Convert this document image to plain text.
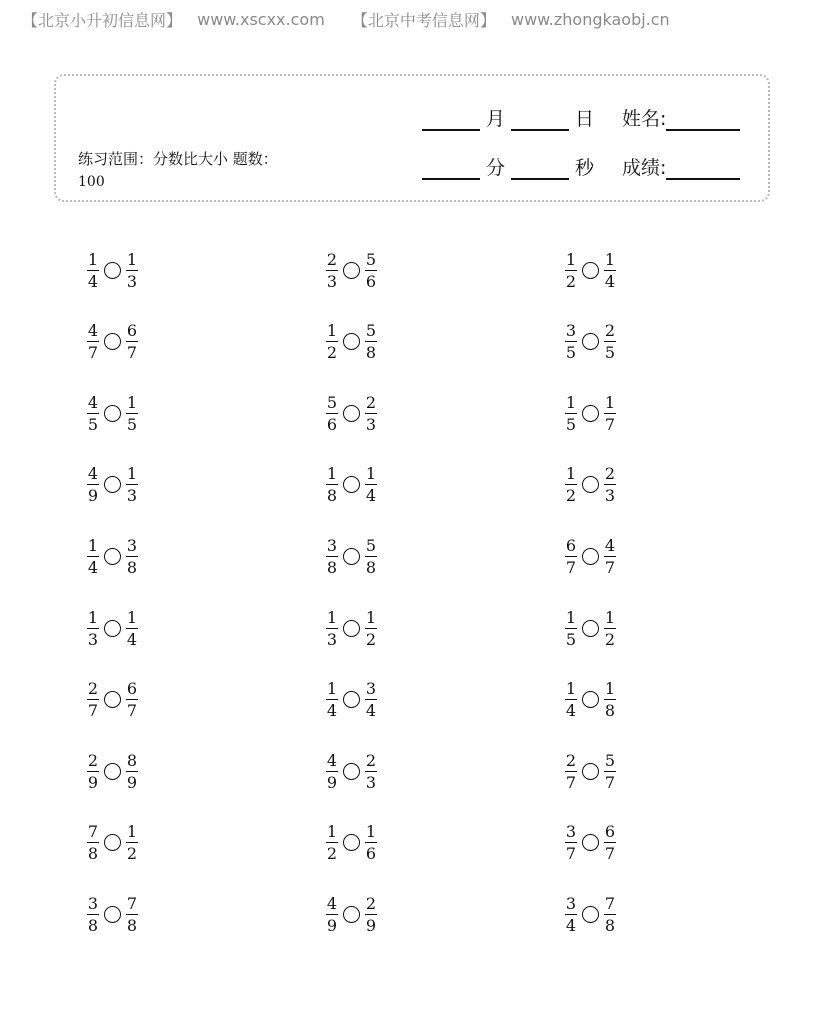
【北京小升初信息网】 www.xscxx.com 【北京中考信息网】 www.zhongkaobj.cn
练习范围：分数比大小 题数：
100
月	日 姓名:
分	秒 成绩:
$\frac{1}{4} \frac{1}{3}$	$\frac{2}{3} \frac{5}{6}$	$\frac{1}{2} \frac{1}{4}$
$\frac{4}{7} \frac{6}{7}$	$\frac{1}{2} \frac{5}{8}$	$\frac{3}{5} \frac{2}{5}$
$\frac{4}{5} \frac{1}{5}$	$\frac{5}{6} \frac{2}{3}$	$\frac{1}{5} \frac{1}{7}$
$\frac{4}{9} \frac{1}{3}$	$\frac{1}{8} \frac{1}{4}$	$\frac{1}{2} \frac{2}{3}$
$\frac{1}{4} \frac{3}{8}$	$\frac{3}{8} \frac{5}{8}$	$\frac{6}{7} \frac{4}{7}$
$\frac{1}{3} \frac{1}{4}$	$\frac{1}{3} \frac{1}{2}$	$\frac{1}{5} \frac{1}{2}$
$\frac{2}{7} \frac{6}{7}$	$\frac{1}{4} \frac{3}{4}$	$\frac{1}{4} \frac{1}{8}$
$\frac{2}{9} \frac{8}{9}$	$\frac{4}{9} \frac{2}{3}$	$\frac{2}{7} \frac{5}{7}$
$\frac{7}{8} \frac{1}{2}$	$\frac{1}{2} \frac{1}{6}$	$\frac{3}{7} \frac{6}{7}$
$\frac{3}{8} \frac{7}{8}$	$\frac{4}{9} \frac{2}{9}$	$\frac{3}{4} \frac{7}{8}$
